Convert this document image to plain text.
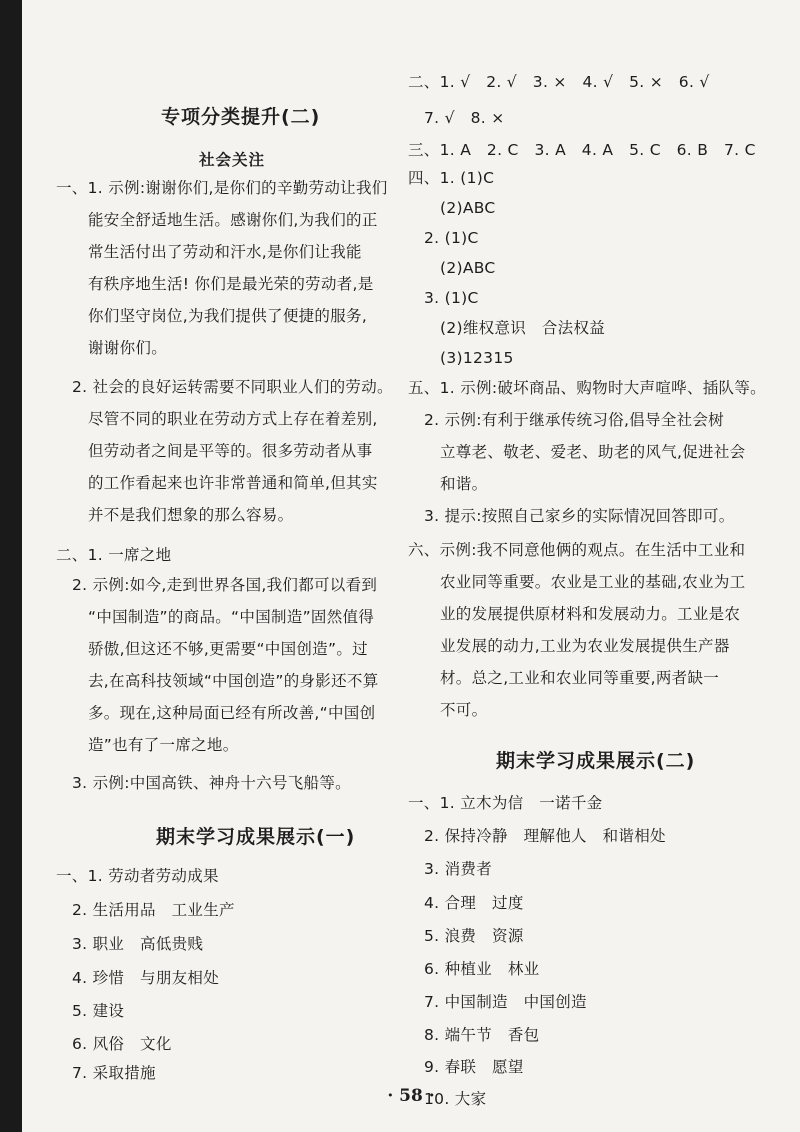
专项分类提升(二)
社会关注
一、1. 示例:谢谢你们,是你们的辛勤劳动让我们
能安全舒适地生活。感谢你们,为我们的正
常生活付出了劳动和汗水,是你们让我能
有秩序地生活! 你们是最光荣的劳动者,是
你们坚守岗位,为我们提供了便捷的服务,
谢谢你们。
2. 社会的良好运转需要不同职业人们的劳动。
尽管不同的职业在劳动方式上存在着差别,
但劳动者之间是平等的。很多劳动者从事
的工作看起来也许非常普通和简单,但其实
并不是我们想象的那么容易。
二、1. 一席之地
2. 示例:如今,走到世界各国,我们都可以看到
“中国制造”的商品。“中国制造”固然值得
骄傲,但这还不够,更需要“中国创造”。过
去,在高科技领域“中国创造”的身影还不算
多。现在,这种局面已经有所改善,“中国创
造”也有了一席之地。
3. 示例:中国高铁、神舟十六号飞船等。
期末学习成果展示(一)
一、1. 劳动者劳动成果
2. 生活用品　工业生产
3. 职业　高低贵贱
4. 珍惜　与朋友相处
5. 建设
6. 风俗　文化
7. 采取措施
二、1. √　2. √　3. ×　4. √　5. ×　6. √
7. √　8. ×
三、1. A　2. C　3. A　4. A　5. C　6. B　7. C
四、1. (1)C
(2)ABC
2. (1)C
(2)ABC
3. (1)C
(2)维权意识　合法权益
(3)12315
五、1. 示例:破坏商品、购物时大声喧哗、插队等。
2. 示例:有利于继承传统习俗,倡导全社会树
立尊老、敬老、爱老、助老的风气,促进社会
和谐。
3. 提示:按照自己家乡的实际情况回答即可。
六、示例:我不同意他俩的观点。在生活中工业和
农业同等重要。农业是工业的基础,农业为工
业的发展提供原材料和发展动力。工业是农
业发展的动力,工业为农业发展提供生产器
材。总之,工业和农业同等重要,两者缺一
不可。
期末学习成果展示(二)
一、1. 立木为信　一诺千金
2. 保持冷静　理解他人　和谐相处
3. 消费者
4. 合理　过度
5. 浪费　资源
6. 种植业　林业
7. 中国制造　中国创造
8. 端午节　香包
9. 春联　愿望
10. 大家
· 58 ·
